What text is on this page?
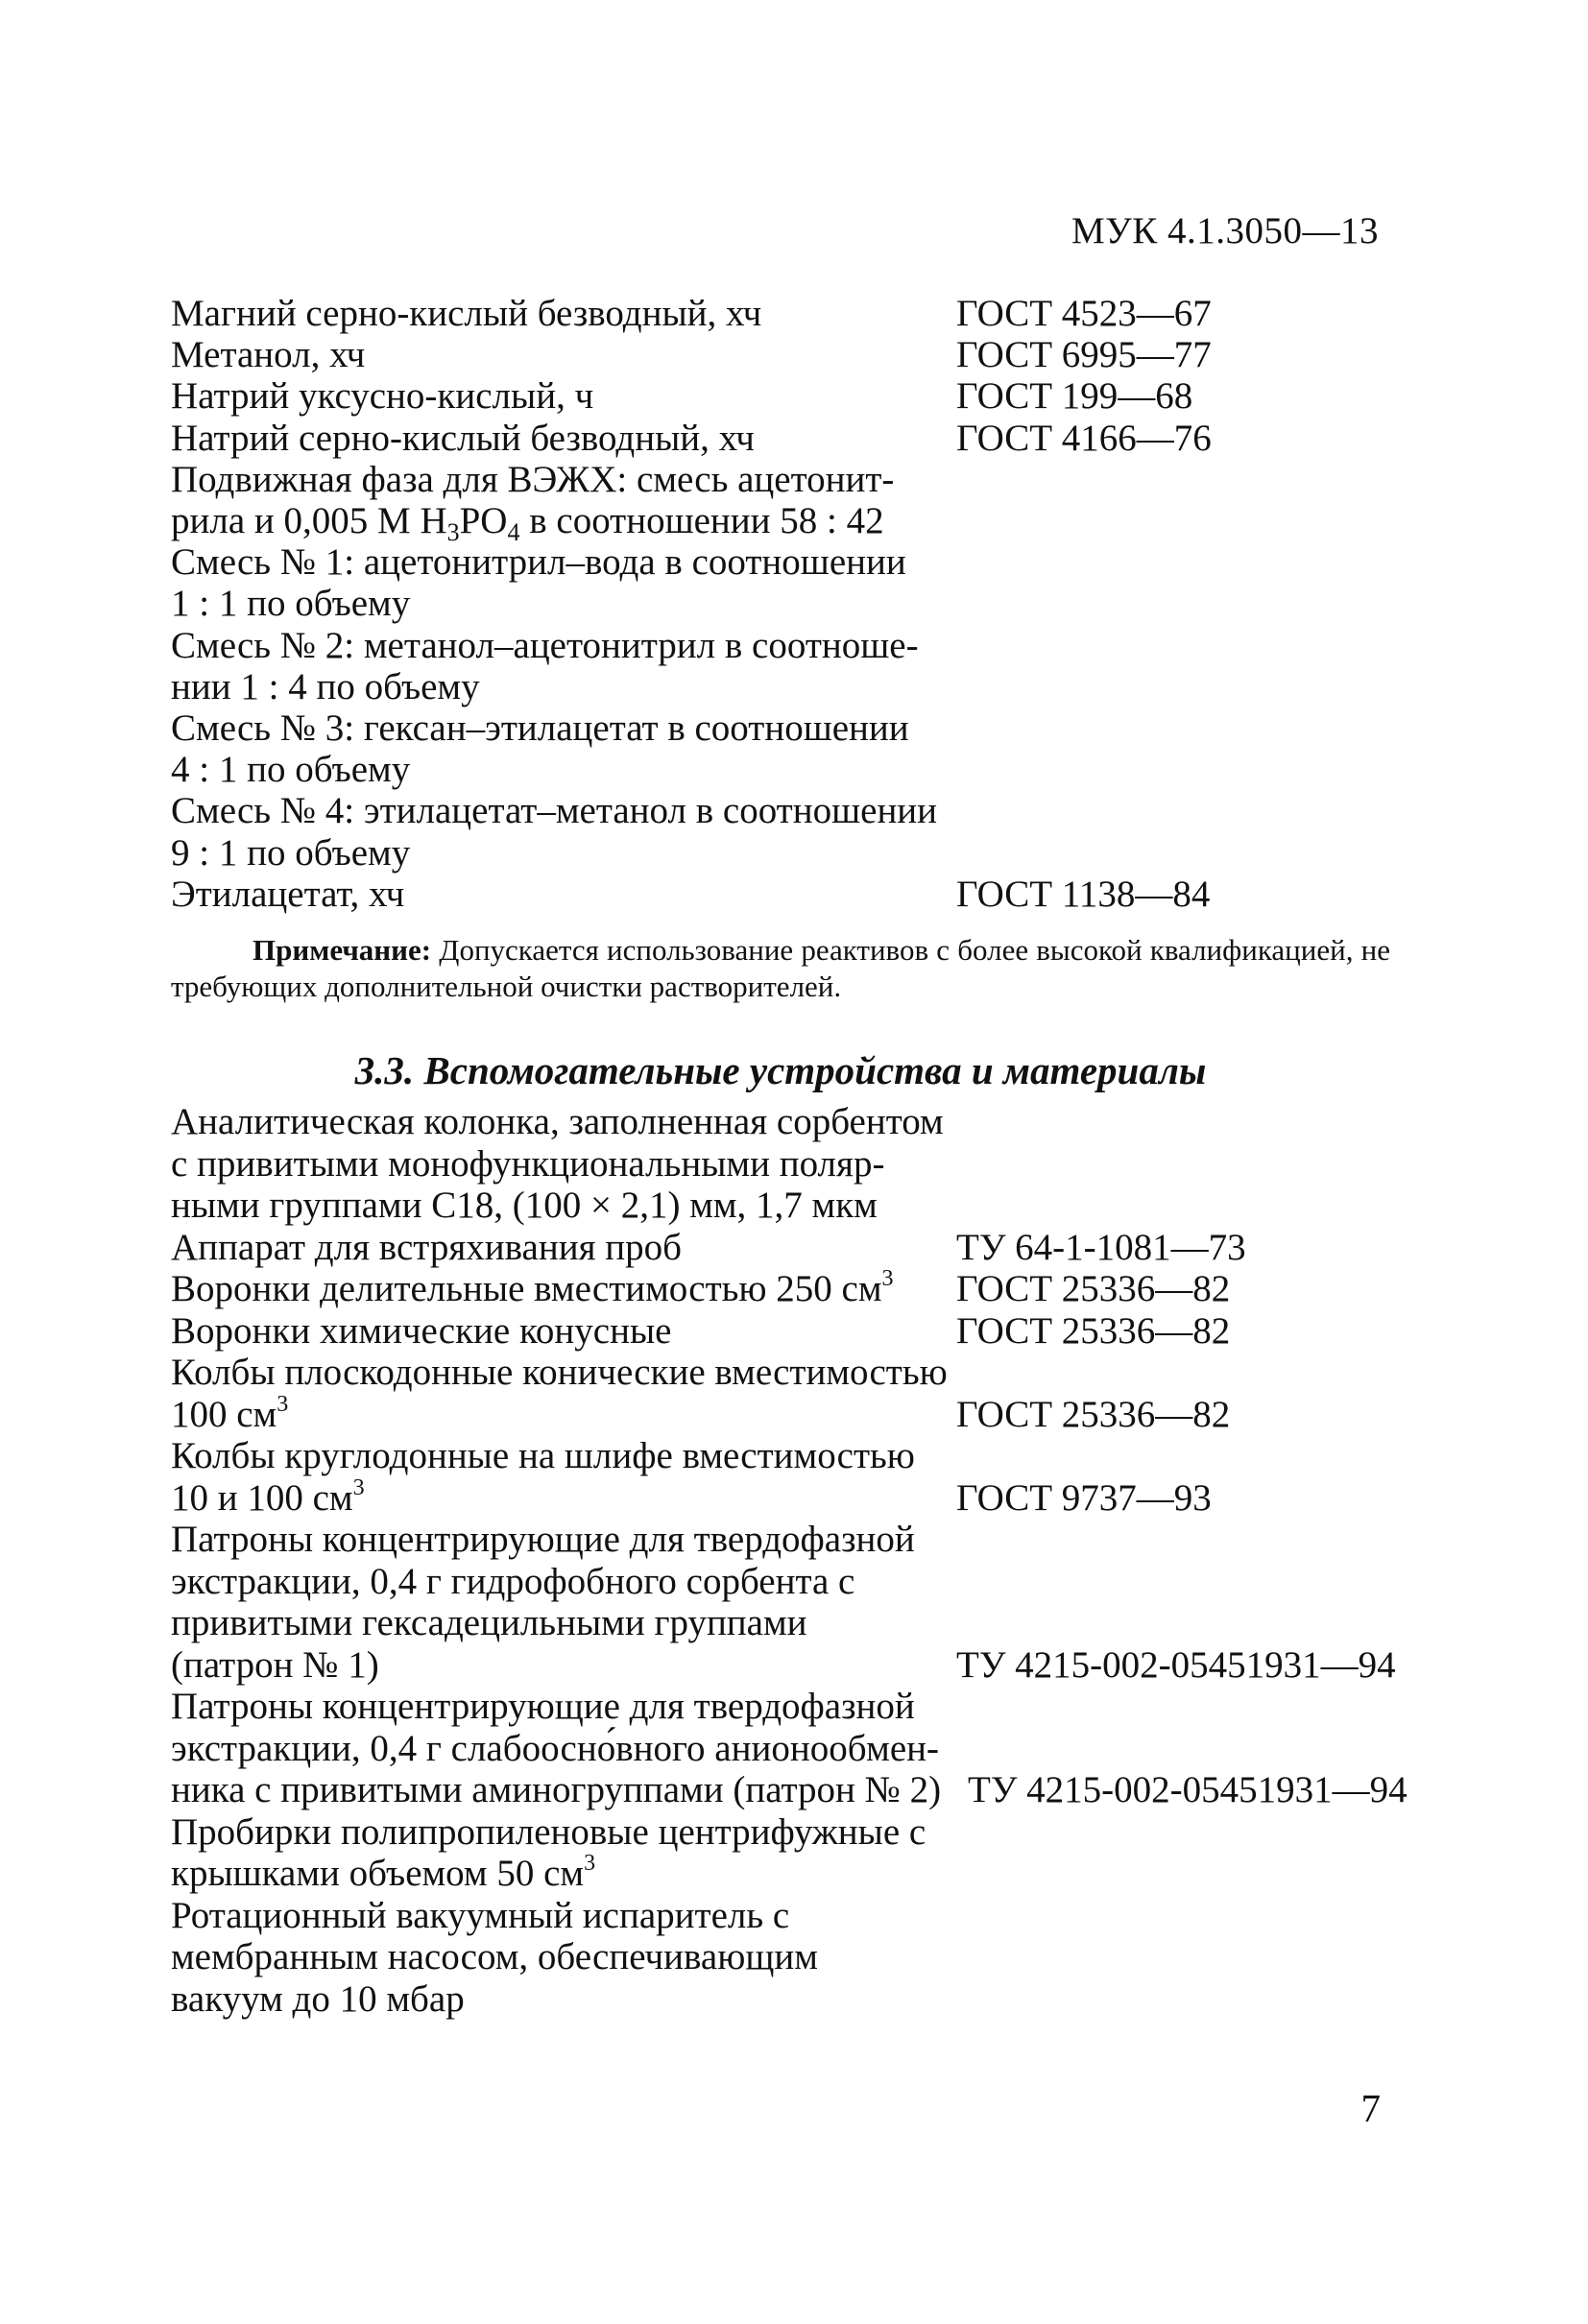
МУК 4.1.3050—13
Магний серно-кислый безводный, хч	ГОСТ 4523—67
Метанол, хч	ГОСТ 6995—77
Натрий уксусно-кислый, ч	ГОСТ 199—68
Натрий серно-кислый безводный, хч	ГОСТ 4166—76
Подвижная фаза для ВЭЖХ: смесь ацетонит-
рила и 0,005 М $H_3PO_4$ в соотношении 58 : 42
Смесь № 1: ацетонитрил–вода в соотношении
1 : 1 по объему
Смесь № 2: метанол–ацетонитрил в соотноше-
нии 1 : 4 по объему
Смесь № 3: гексан–этилацетат в соотношении
4 : 1 по объему
Смесь № 4: этилацетат–метанол в соотношении
9 : 1 по объему
Этилацетат, хч	ГОСТ 1138—84
Примечание: Допускается использование реактивов с более высокой квалификацией, не требующих дополнительной очистки растворителей.
3.3. Вспомогательные устройства и материалы
Аналитическая колонка, заполненная сорбентом
с привитыми монофункциональными поляр-
ными группами С18, (100 × 2,1) мм, 1,7 мкм
Аппарат для встряхивания проб	ТУ 64-1-1081—73
Воронки делительные вместимостью 250 $см^3$	ГОСТ 25336—82
Воронки химические конусные	ГОСТ 25336—82
Колбы плоскодонные конические вместимостью
100 $см^3$	ГОСТ 25336—82
Колбы круглодонные на шлифе вместимостью
10 и 100 $см^3$	ГОСТ 9737—93
Патроны концентрирующие для твердофазной
экстракции, 0,4 г гидрофобного сорбента с
привитыми гексадецильными группами
(патрон № 1)	ТУ 4215-002-05451931—94
Патроны концентрирующие для твердофазной
экстракции, 0,4 г слабоосно́вного анионообмен-
ника с привитыми аминогруппами (патрон № 2) ТУ 4215-002-05451931—94
Пробирки полипропиленовые центрифужные с
крышками объемом 50 $см^3$
Ротационный вакуумный испаритель с
мембранным насосом, обеспечивающим
вакуум до 10 мбар
7
